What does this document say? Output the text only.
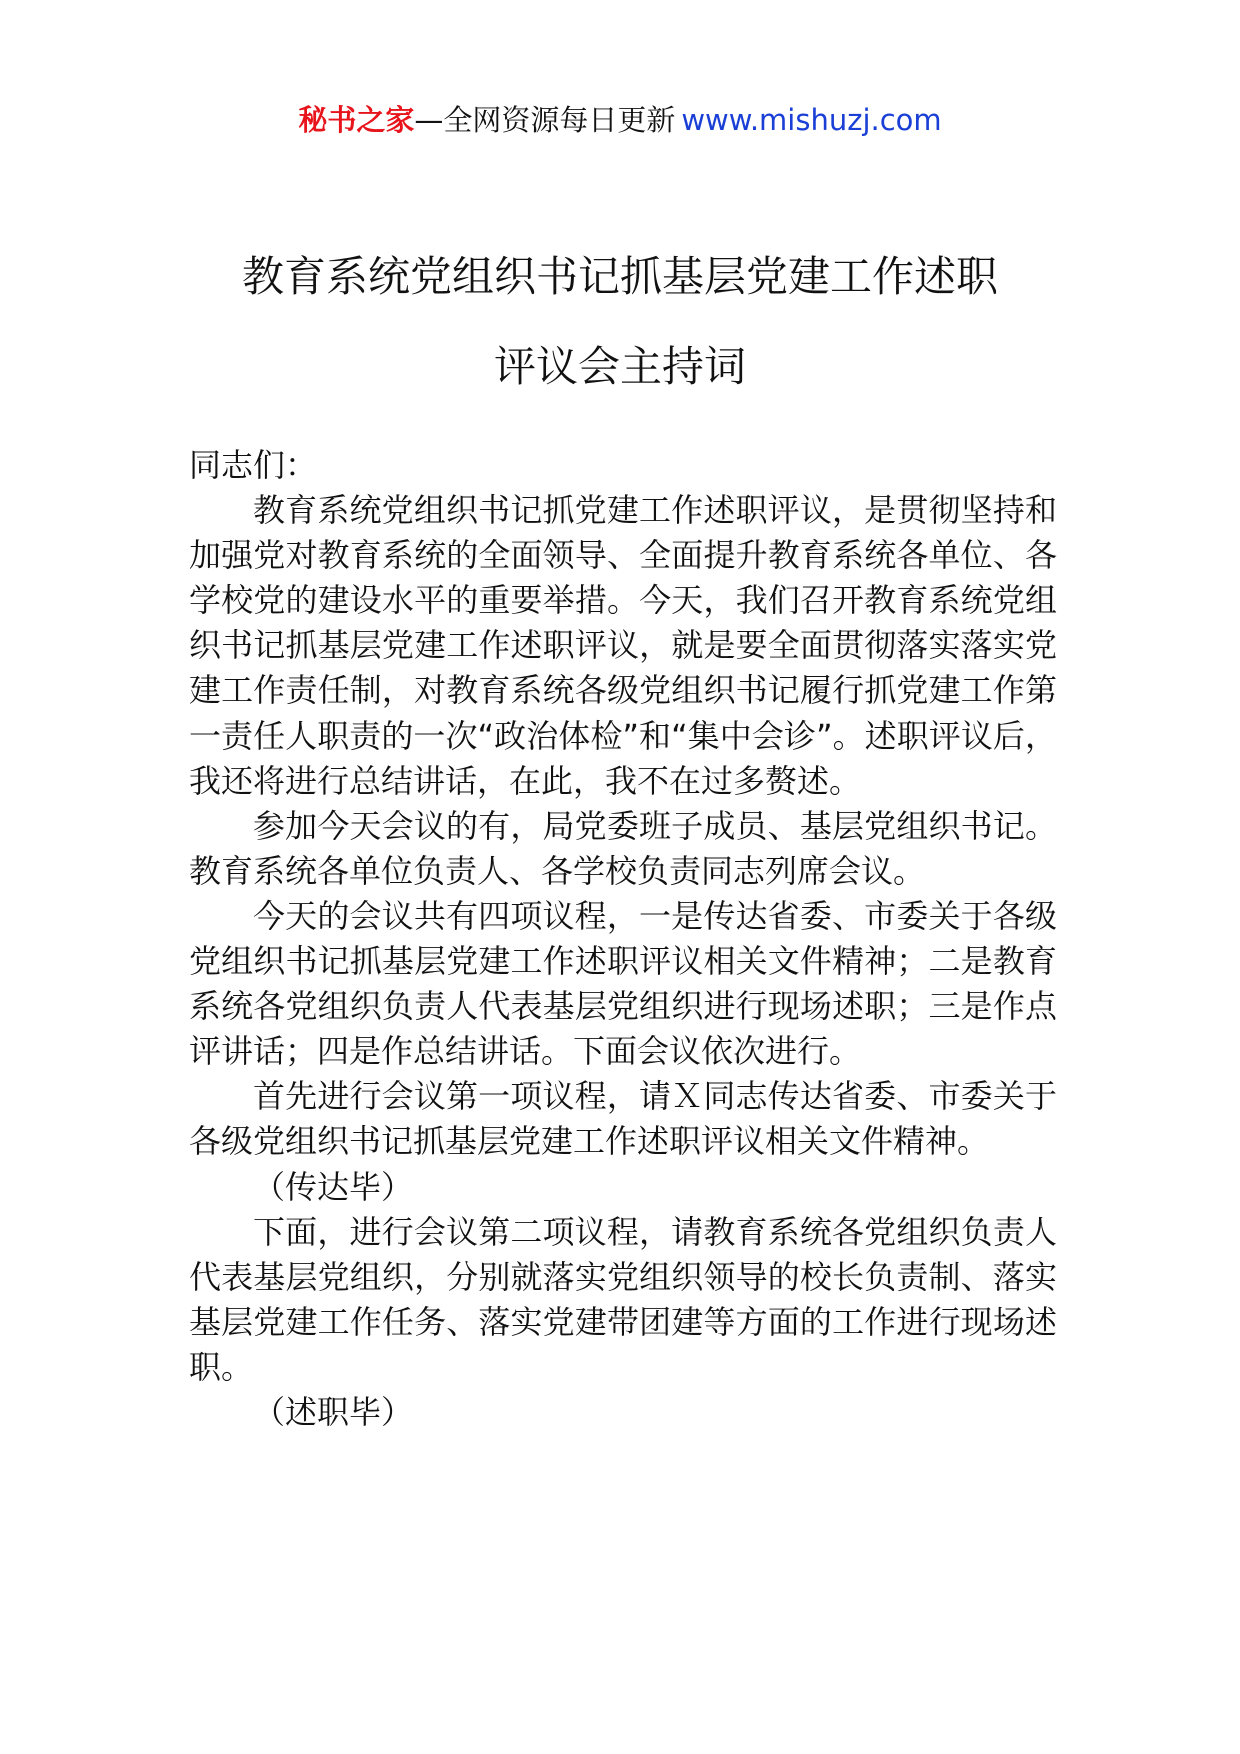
秘书之家—全网资源每日更新 www.mishuzj.com
教育系统党组织书记抓基层党建工作述职
评议会主持词

同志们：

教育系统党组织书记抓党建工作述职评议，是贯彻坚持和加强党对教育系统的全面领导、全面提升教育系统各单位、各学校党的建设水平的重要举措。今天，我们召开教育系统党组织书记抓基层党建工作述职评议，就是要全面贯彻落实落实党建工作责任制，对教育系统各级党组织书记履行抓党建工作第一责任人职责的一次“政治体检”和“集中会诊”。述职评议后，我还将进行总结讲话，在此，我不在过多赘述。

参加今天会议的有，局党委班子成员、基层党组织书记。教育系统各单位负责人、各学校负责同志列席会议。

今天的会议共有四项议程，一是传达省委、市委关于各级党组织书记抓基层党建工作述职评议相关文件精神；二是教育系统各党组织负责人代表基层党组织进行现场述职；三是作点评讲话；四是作总结讲话。下面会议依次进行。

首先进行会议第一项议程，请Ｘ同志传达省委、市委关于各级党组织书记抓基层党建工作述职评议相关文件精神。

（传达毕）

下面，进行会议第二项议程，请教育系统各党组织负责人代表基层党组织，分别就落实党组织领导的校长负责制、落实基层党建工作任务、落实党建带团建等方面的工作进行现场述职。

（述职毕）
